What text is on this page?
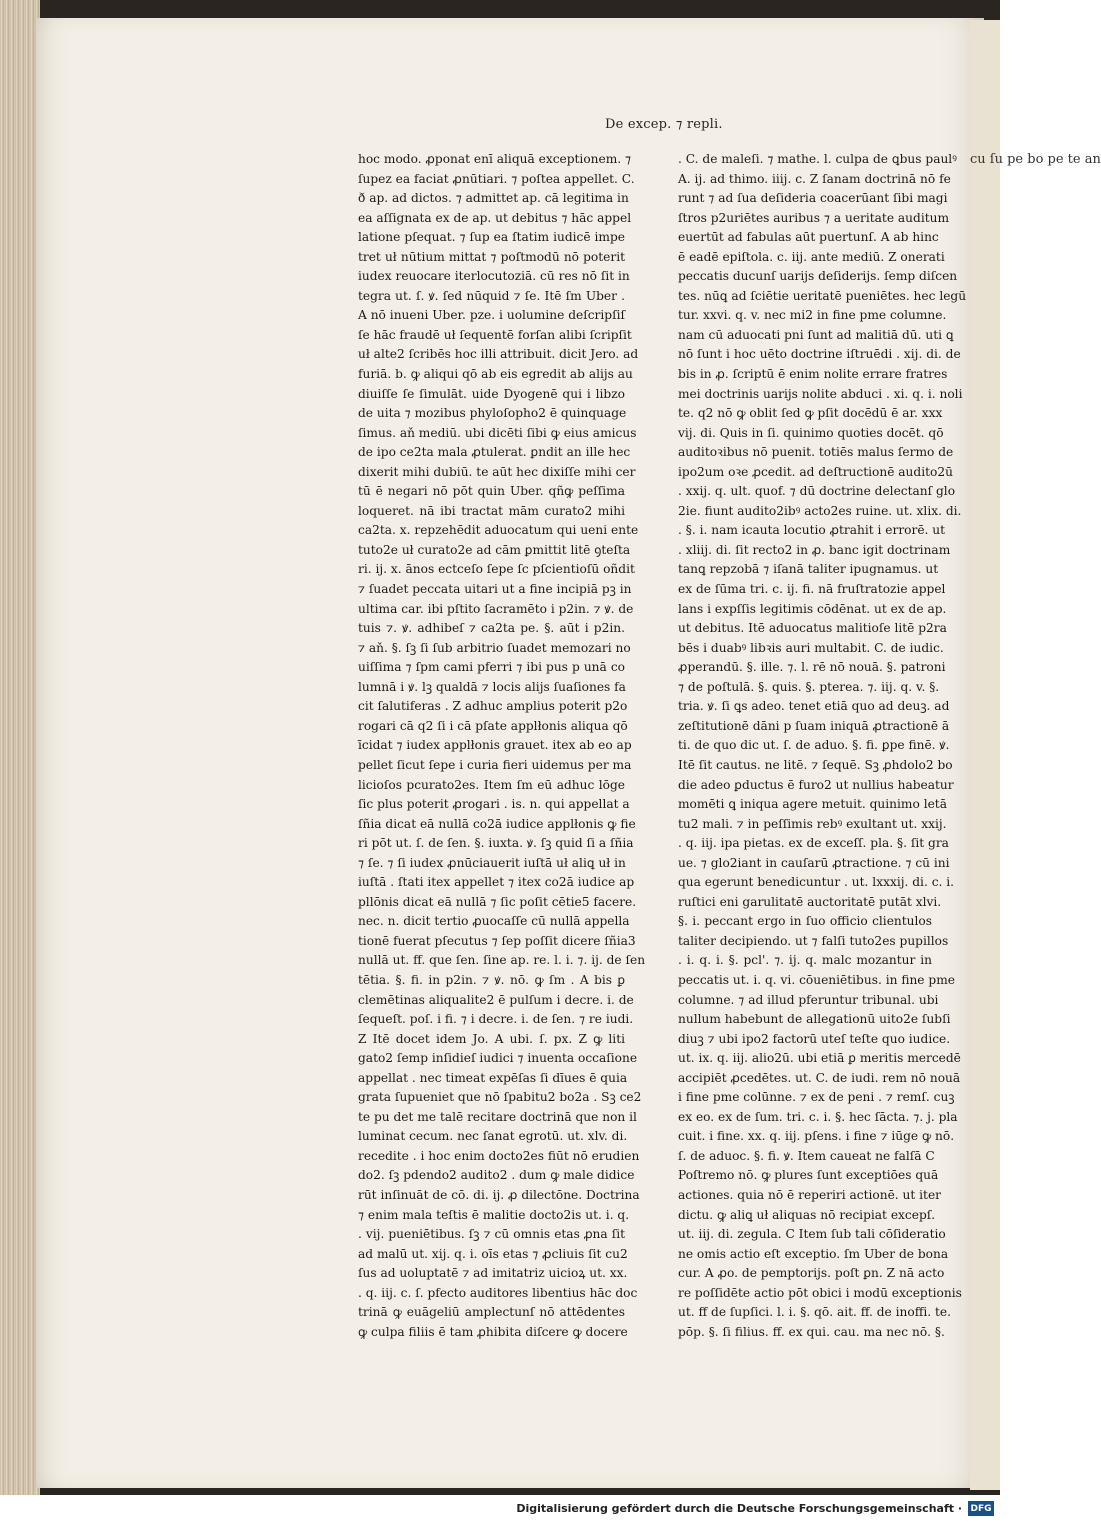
cu ſu pe bo pe te an
De excep. ⁊ repli.
hoc modo. ꝓponat enī aliquā exceptionem. ⁊
ſupez ea faciat ꝓnūtiari. ⁊ poſtea appellet. C.
ð ap. ad dictos. ⁊ admittet ap. cā legitima in
ea aſſignata ex de ap. ut debitus ⁊ hāc appel
latione pſequat. ⁊ ſup ea ſtatim iudicē impe
tret uł nūtium mittat ⁊ poſtmodū nō poterit
iudex reuocare iterlocutoziā. cū res nō ſit in
tegra ut. ſ. ꝟ. ſed nūquid ⁊ ſe. Itē ſm Uber .
A nō inueni Uber. pze. i uolumine deſcripſiſ
ſe hāc fraudē uł ſequentē forſan alibi ſcripſit
uł alte2 ſcribēs hoc illi attribuit. dicit Jero. ad
furiā. b. ꝙ aliqui qō ab eis egredit ab alijs au
diuiſſe ſe ſimulāt. uide Dyogenē qui i libzo
de uita ⁊ mozibus phyloſopho2 ē quinquage
ſimus. aň mediū. ubi dicēti ſibi ꝙ eius amicus
de ipo ce2ta mala ꝓtulerat. ꝑndit an ille hec
dixerit mihi dubiū. te aūt hec dixiſſe mihi cer
tū ē negari nō pōt quin Uber. qñꝙ peſſima
loqueret. nā ibi tractat mām curato2 mihi
ca2ta. x. repzehēdit aduocatum qui ueni ente
tuto2e uł curato2e ad cām ꝑmittit litē ꝯteſta
ri. ij. x. ānos ectceſo ſepe ſc pſcientioſū oñdit
⁊ ſuadet peccata uitari ut a fine incipiā pꝫ in
ultima car. ibi pſtito ſacramēto i p2in. ⁊ ꝟ. de
tuis ⁊. ꝟ. adhibeſ ⁊ ca2ta pe. §. aūt i p2in.
⁊ aň. §. ſꝫ ſi ſub arbitrio ſuadet memozari no
uiſſima ⁊ ſpm cami pferri ⁊ ibi pus p unā co
lumnā i ꝟ. lꝫ qualdā ⁊ locis alijs ſuaſiones fa
cit ſalutiferas . Z adhuc amplius poterit p2o
rogari cā q2 ſi i cā pſate applłonis aliqua qō
īcidat ⁊ iudex applłonis grauet. itex ab eo ap
pellet ſicut ſepe i curia fieri uidemus per ma
licioſos pcurato2es. Item ſm eū adhuc lōge
ſic plus poterit ꝓrogari . is. n. qui appellat a
ſñia dicat eā nullā co2ā iudice applłonis ꝙ fie
ri pōt ut. ſ. de ſen. §. iuxta. ꝟ. ſꝫ quid ſi a ſñia
⁊ ſe. ⁊ ſi iudex ꝓnūciauerit iuſtā uł aliꝗ uł in
iuſtā . ſtati itex appellet ⁊ itex co2ā iudice ap
pllōnis dicat eā nullā ⁊ ſic poſit cētie5 facere.
nec. n. dicit tertio ꝓuocaſſe cū nullā appella
tionē fuerat pſecutus ⁊ ſep poſſit dicere ſñia3
nullā ut. ff. que ſen. ſine ap. re. l. i. ⁊. ij. de ſen
tētia. §. fi. in p2in. ⁊ ꝟ. nō. ꝙ ſm . A bis ꝑ
clemētinas aliqualite2 ē pulſum i decre. i. de
ſequeſt. poſ. i fi. ⁊ i decre. i. de ſen. ⁊ re iudi.
Z Itē docet idem Jo. A ubi. ſ. px. Z ꝙ liti
gato2 ſemp inſidieſ iudici ⁊ inuenta occaſione
appellat . nec timeat expēſas ſi dīues ē quia
grata ſupueniet que nō ſpabitu2 bo2a . Sꝫ ce2
te pu det me talē recitare doctrinā que non il
luminat cecum. nec ſanat egrotū. ut. xlv. di.
recedite . i hoc enim docto2es fiūt nō erudien
do2. ſꝫ pdendo2 audito2 . dum ꝙ male didice
rūt inſinuāt de cō. di. ij. ꝓ dilectōne. Doctrina
⁊ enim mala teſtis ē malitie docto2is ut. i. q.
. vij. pueniētibus. ſꝫ ⁊ cū omnis etas ꝓna ſit
ad malū ut. xij. q. i. oīs etas ⁊ ꝓcliuis ſit cu2
ſus ad uoluptatē ⁊ ad imitatriz uicioꝝ ut. xx.
. q. iij. c. ſ. pfecto auditores libentius hāc doc
trinā ꝙ euāgeliū amplectunſ nō attēdentes
ꝙ culpa filiis ē tam ꝓhibita diſcere ꝙ docere
. C. de maleſi. ⁊ mathe. l. culpa de ꝗbus paulꝰ
A. ij. ad thimo. iiij. c. Z ſanam doctrinā nō fe
runt ⁊ ad ſua deſideria coacerūant ſibi magi
ſtros p2uriētes auribus ⁊ a ueritate auditum
euertūt ad fabulas aūt puertunſ. A ab hinc
ē eadē epiſtola. c. iij. ante mediū. Z onerati
peccatis ducunſ uarijs deſiderijs. ſemp diſcen
tes. nūꝗ ad ſciētie ueritatē pueniētes. hec legū
tur. xxvi. q. v. nec mi2 in fine pme columne.
nam cū aduocati pni ſunt ad malitiā dū. uti ꝗ
nō ſunt i hoc uēto doctrine iſtruēdi . xij. di. de
bis in ꝓ. ſcriptū ē enim nolite errare fratres
mei doctrinis uarijs nolite abduci . xi. q. i. noli
te. q2 nō ꝙ oblit ſed ꝙ pſit docēdū ē ar. xxx
vij. di. Quis in ſi. quinimo quoties docēt. qō
auditoꝛibus nō puenit. totiēs malus ſermo de
ipo2um oꝛe ꝓcedit. ad deſtructionē audito2ū
. xxij. q. ult. quof. ⁊ dū doctrine delectanſ glo
2ie. fiunt audito2ibꝰ acto2es ruine. ut. xlix. di.
. §. i. nam icauta locutio ꝓtrahit i errorē. ut
. xliij. di. ſit recto2 in ꝓ. banc igit doctrinam
tanꝗ repzobā ⁊ iſanā taliter ipugnamus. ut
ex de ſūma tri. c. ij. fi. nā fruſtratozie appel
lans i expſſis legitimis cōdēnat. ut ex de ap.
ut debitus. Itē aduocatus malitioſe litē p2ra
bēs i duabꝰ libꝛis auri multabit. C. de iudic.
ꝓperandū. §. ille. ⁊. l. rē nō nouā. §. patroni
⁊ de poſtulā. §. quis. §. pterea. ⁊. iij. q. v. §.
tria. ꝟ. ſi ꝗs adeo. tenet etiā quo ad deuꝫ. ad
zeſtitutionē dāni p ſuam iniquā ꝓtractionē ā
ti. de quo dic ut. ſ. de aduo. §. fi. ꝑpe finē. ꝟ.
Itē ſit cautus. ne litē. ⁊ ſequē. Sꝫ ꝓhdolo2 bo
die adeo ꝑductus ē furo2 ut nullius habeatur
momēti ꝗ iniqua agere metuit. quinimo letā
tu2 mali. ⁊ in peſſimis rebꝰ exultant ut. xxij.
. q. iij. ipa pietas. ex de exceſſ. pla. §. ſit gra
ue. ⁊ glo2iant in cauſarū ꝓtractione. ⁊ cū ini
qua egerunt benedicuntur . ut. lxxxij. di. c. i.
ruſtici eni garulitatē auctoritatē putāt xlvi.
§. i. peccant ergo in ſuo officio clientulos
taliter decipiendo. ut ⁊ falſi tuto2es pupillos
. i. q. i. §. pcl'. ⁊. ij. q. malc mozantur in
peccatis ut. i. q. vi. cōueniētibus. in fine pme
columne. ⁊ ad illud pferuntur tribunal. ubi
nullum habebunt de allegationū uito2e ſubſi
diuꝫ ⁊ ubi ipo2 factorū uteſ teſte quo iudice.
ut. ix. q. iij. alio2ū. ubi etiā ꝑ meritis mercedē
accipiēt ꝓcedētes. ut. C. de iudi. rem nō nouā
i fine pme colūnne. ⁊ ex de peni . ⁊ remſ. cuꝫ
ex eo. ex de ſum. tri. c. i. §. hec ſācta. ⁊. j. pla
cuit. i fine. xx. q. iij. pſens. i fine ⁊ iūge ꝙ nō.
ſ. de aduoc. §. fi. ꝟ. Item caueat ne falſā C
Poſtremo nō. ꝙ plures ſunt exceptiōes quā
actiones. quia nō ē reperiri actionē. ut iter
dictu. ꝙ aliꝗ uł aliquas nō recipiat excepſ.
ut. iij. di. zegula. C Item ſub tali cōſideratio
ne omis actio eſt exceptio. ſm Uber de bona
cur. A ꝓo. de pemptorijs. poſt ꝑn. Z nā acto
re poſſidēte actio pōt obici i modū exceptionis
ut. ff de ſupſici. l. i. §. qō. ait. ff. de inoffi. te.
pōp. §. ſi filius. ff. ex qui. cau. ma nec nō. §.
Digitalisierung gefördert durch die Deutsche Forschungsgemeinschaft · DFG
